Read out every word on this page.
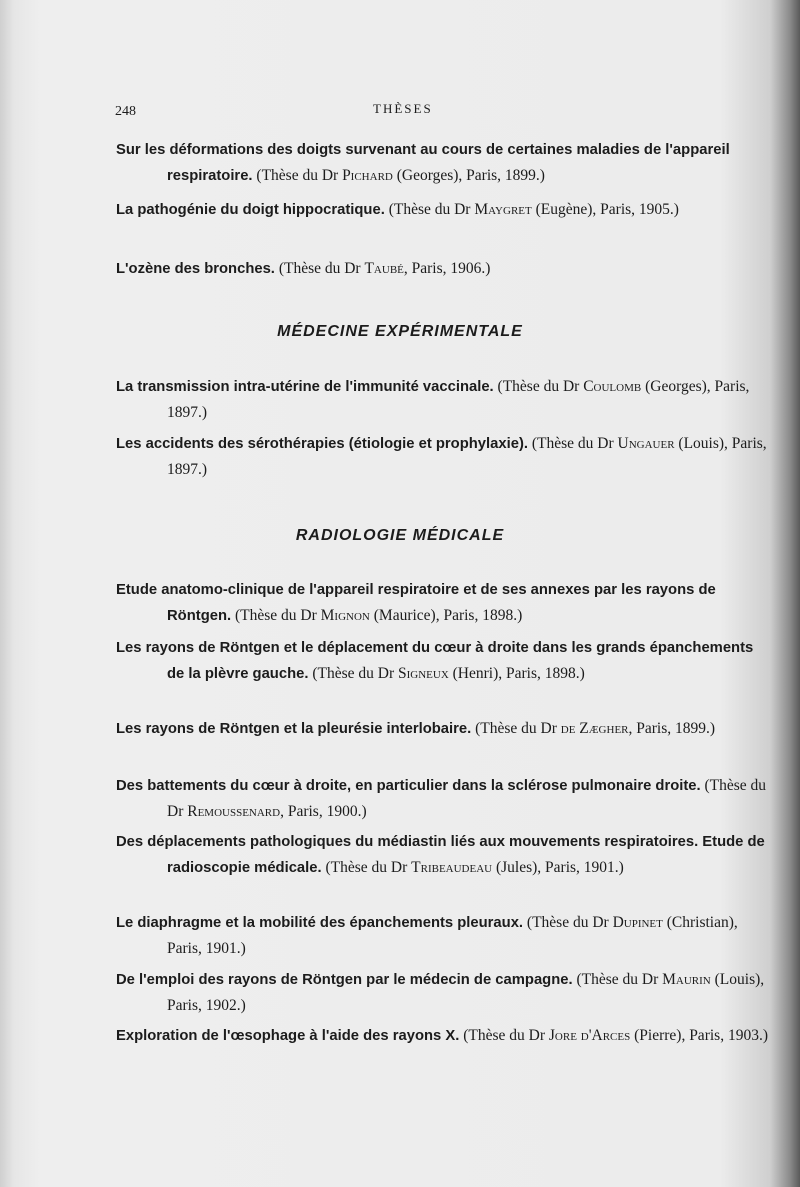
248	THÈSES
Sur les déformations des doigts survenant au cours de certaines maladies de l'appareil respiratoire. (Thèse du Dr Pichard (Georges), Paris, 1899.)
La pathogénie du doigt hippocratique. (Thèse du Dr Maygret (Eugène), Paris, 1905.)
L'ozène des bronches. (Thèse du Dr Taubé, Paris, 1906.)
MÉDECINE EXPÉRIMENTALE
La transmission intra-utérine de l'immunité vaccinale. (Thèse du Dr Coulomb (Georges), Paris, 1897.)
Les accidents des sérothérapies (étiologie et prophylaxie). (Thèse du Dr Ungauer (Louis), Paris, 1897.)
RADIOLOGIE MÉDICALE
Etude anatomo-clinique de l'appareil respiratoire et de ses annexes par les rayons de Röntgen. (Thèse du Dr Mignon (Maurice), Paris, 1898.)
Les rayons de Röntgen et le déplacement du cœur à droite dans les grands épanchements de la plèvre gauche. (Thèse du Dr Signeux (Henri), Paris, 1898.)
Les rayons de Röntgen et la pleurésie interlobaire. (Thèse du Dr de Zægher, Paris, 1899.)
Des battements du cœur à droite, en particulier dans la sclérose pulmonaire droite. (Thèse du Dr Remoussenard, Paris, 1900.)
Des déplacements pathologiques du médiastin liés aux mouvements respiratoires. Etude de radioscopie médicale. (Thèse du Dr Tribeaudeau (Jules), Paris, 1901.)
Le diaphragme et la mobilité des épanchements pleuraux. (Thèse du Dr Dupinet (Christian), Paris, 1901.)
De l'emploi des rayons de Röntgen par le médecin de campagne. (Thèse du Dr Maurin (Louis), Paris, 1902.)
Exploration de l'œsophage à l'aide des rayons X. (Thèse du Dr Jore d'Arces (Pierre), Paris, 1903.)
